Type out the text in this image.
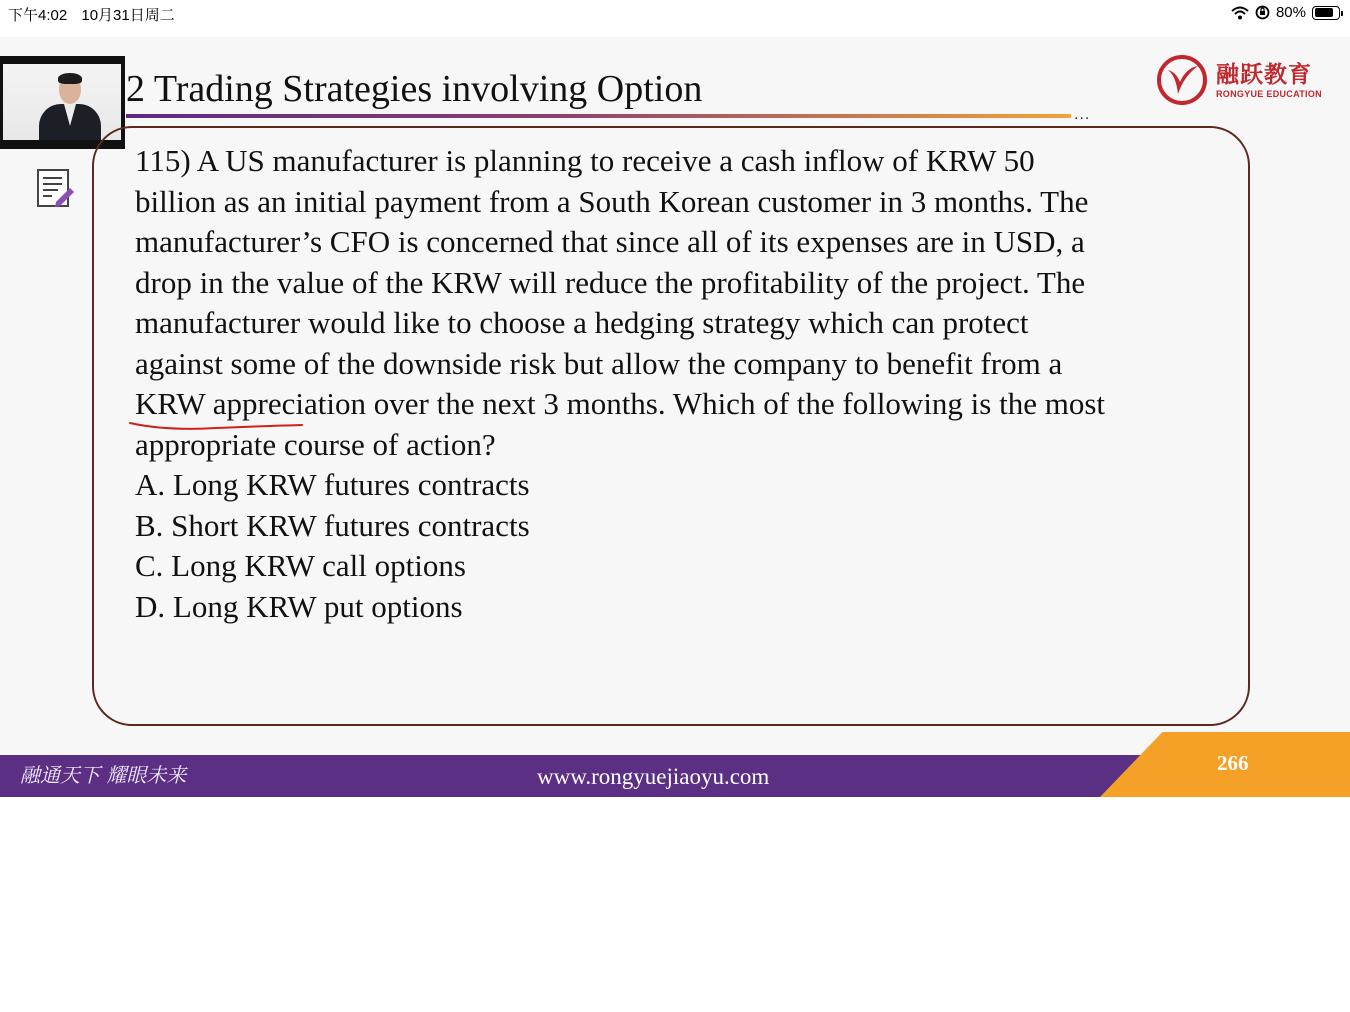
下午4:02 10月31日周二	80%
2 Trading Strategies involving Option
...
融跃教育
RONGYUE EDUCATION

115) A US manufacturer is planning to receive a cash inflow of KRW 50

billion as an initial payment from a South Korean customer in 3 months. The

manufacturer’s CFO is concerned that since all of its expenses are in USD, a

drop in the value of the KRW will reduce the profitability of the project. The

manufacturer would like to choose a hedging strategy which can protect

against some of the downside risk but allow the company to benefit from a

KRW appreciation over the next 3 months. Which of the following is the most

appropriate course of action?

A. Long KRW futures contracts
B. Short KRW futures contracts
C. Long KRW call options
D. Long KRW put options
融通天下 耀眼未来	www.rongyuejiaoyu.com
266
